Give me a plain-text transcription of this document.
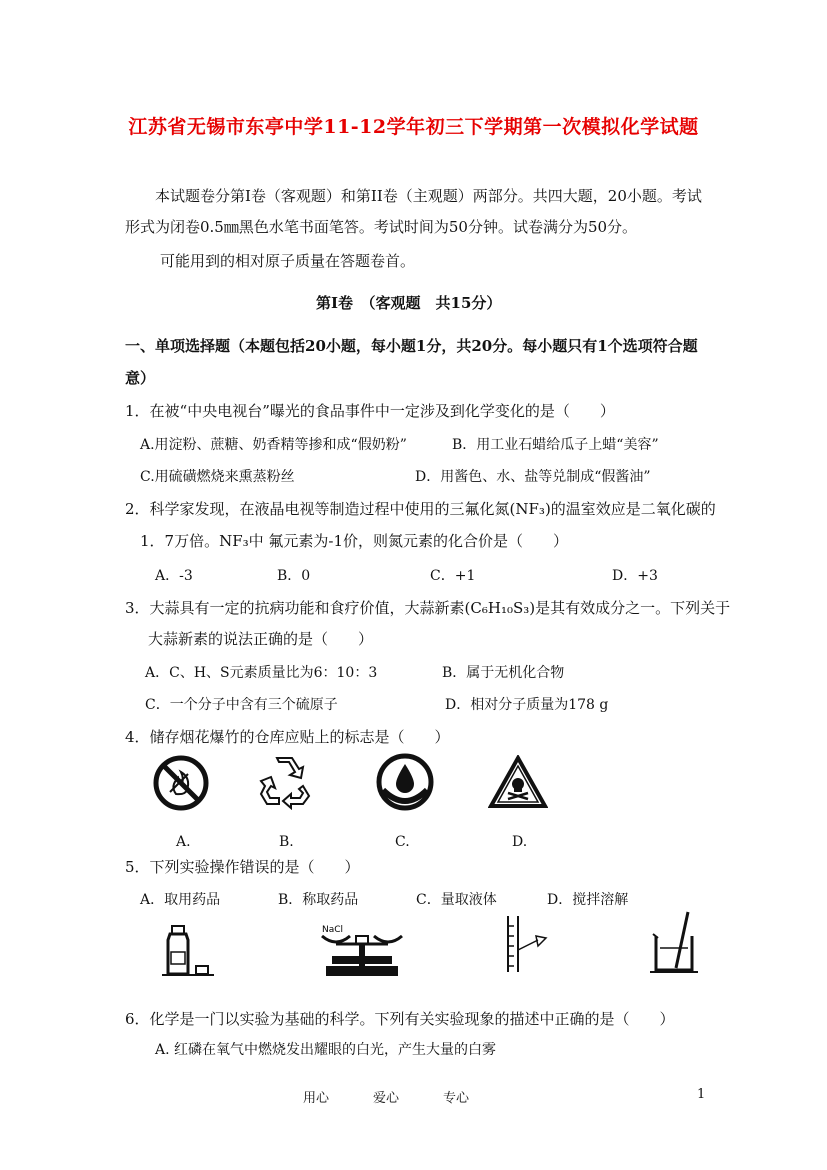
江苏省无锡市东亭中学11-12学年初三下学期第一次模拟化学试题
本试题卷分第Ⅰ卷（客观题）和第II卷（主观题）两部分。共四大题，20小题。考试
形式为闭卷0.5㎜黑色水笔书面笔答。考试时间为50分钟。试卷满分为50分。
可能用到的相对原子质量在答题卷首。
第Ⅰ卷　（客观题　共15分）
一、单项选择题（本题包括20小题，每小题1分，共20分。每小题只有1个选项符合题
意）
1．在被“中央电视台”曝光的食品事件中一定涉及到化学变化的是（　　）
A.用淀粉、蔗糖、奶香精等掺和成“假奶粉”	B．用工业石蜡给瓜子上蜡“美容”
C.用硫磺燃烧来熏蒸粉丝	D．用酱色、水、盐等兑制成“假酱油”
2．科学家发现，在液晶电视等制造过程中使用的三氟化氮(NF₃)的温室效应是二氧化碳的
1．7万倍。NF₃中 氟元素为-1价，则氮元素的化合价是（　　）
A．-3	B．0	C．+1	D．+3
3．大蒜具有一定的抗病功能和食疗价值，大蒜新素(C₆H₁₀S₃)是其有效成分之一。下列关于
大蒜新素的说法正确的是（　　）
A．C、H、S元素质量比为6：10：3	B．属于无机化合物
C．一个分子中含有三个硫原子	D．相对分子质量为178 g
4．储存烟花爆竹的仓库应贴上的标志是（　　）
A.	B.	C.	D.
5．下列实验操作错误的是（　　）
A．取用药品	B．称取药品	C．量取液体	D．搅拌溶解
NaCl
6．化学是一门以实验为基础的科学。下列有关实验现象的描述中正确的是（　　）
A. 红磷在氧气中燃烧发出耀眼的白光，产生大量的白雾
用心	爱心	专心	1
